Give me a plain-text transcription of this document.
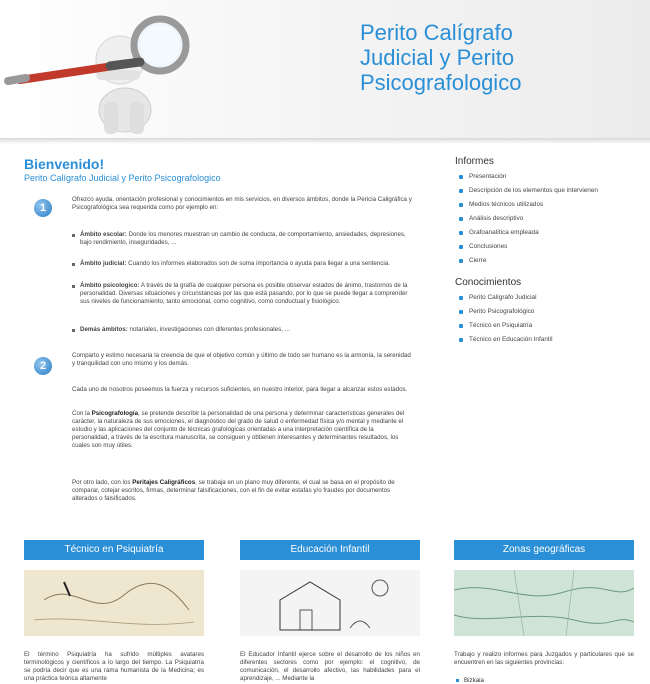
Perito Calígrafo
Judicial y Perito
Psicografologico
Bienvenido!
Perito Calígrafo Judicial y Perito Psicografologico
1
Ofrezco ayuda, orientación profesional y conocimientos en mis servicios, en diversos ámbitos, donde la Pericia Caligráfica y Psicografológica sea requerida como por ejemplo en:
Ámbito escolar: Donde los menores muestran un cambio de conducta, de comportamiento, ansiedades, depresiones, bajo rendimiento, inseguridades, ...
Ámbito judicial: Cuando los informes elaborados son de suma importancia o ayuda para llegar a una sentencia.
Ámbito psicologico: A través de la grafía de cualquier persona es posible observar estados de ánimo, trastornos de la personalidad. Diversas situaciones y circunstancias por las que está pasando, por lo que se puede llegar a comprender sus niveles de funcionamiento, tanto emocional, como cognitivo, como conductual y fisiológico.
Demás ámbitos: notariales, investigaciones con diferentes profesionales, ...
2
Comparto y estimo necesaria la creencia de que el objetivo común y último de todo ser humano es la armonía, la serenidad y tranquilidad con uno mismo y los demás.
Cada uno de nosotros poseemos la fuerza y recursos suficientes, en nuestro interior, para llegar a alcanzar estos estados.
Con la Psicografología, se pretende describir la personalidad de una persona y determinar características generales del carácter, la naturaleza de sus emociones, el diagnóstico del grado de salud o enfermedad física y/o mental y mediante el estudio y las aplicaciones del conjunto de técnicas grafológicas orientadas a una interpretación científica de la personalidad, a través de la escritura manuscrita, se consiguen y obtienen interesantes y determinantes resultados, los cuales son muy útiles.
Por otro lado, con los Peritajes Caligráficos, se trabaja en un plano muy diferente, el cual se basa en el propósito de comparar, cotejar escritos, firmas, determinar falsificaciones, con el fin de evitar estafas y/o fraudes por documentos alterados o falsificados.
Informes
Presentación
Descripción de los elementos que intervienen
Medios técnicos utilizados
Análisis descriptivo
Grafoanalítica empleada
Conclusiones
Cierre
Conocimientos
Perito Calígrafo Judicial
Perito Psicografológico
Técnico en Psiquiatría
Técnico en Educación Infantil
Técnico en Psiquiatría
El término Psiquiatría ha sufrido múltiples avatares terminológicos y científicos a lo largo del tiempo. La Psiquiatría se podría decir que es una rama humanista de la Medicina; es una práctica teórica altamente
Educación Infantil
El Educador Infantil ejerce sobre el desarrollo de los niños en diferentes sectores como por ejemplo: el cognitivo, de comunicación, el desarrollo afectivo, las habilidades para el aprendizaje, ... Mediante la
Zonas geográficas
Trabajo y realizo informes para Juzgados y particulares que se encuentren en las siguientes provincias:
Bizkaia
